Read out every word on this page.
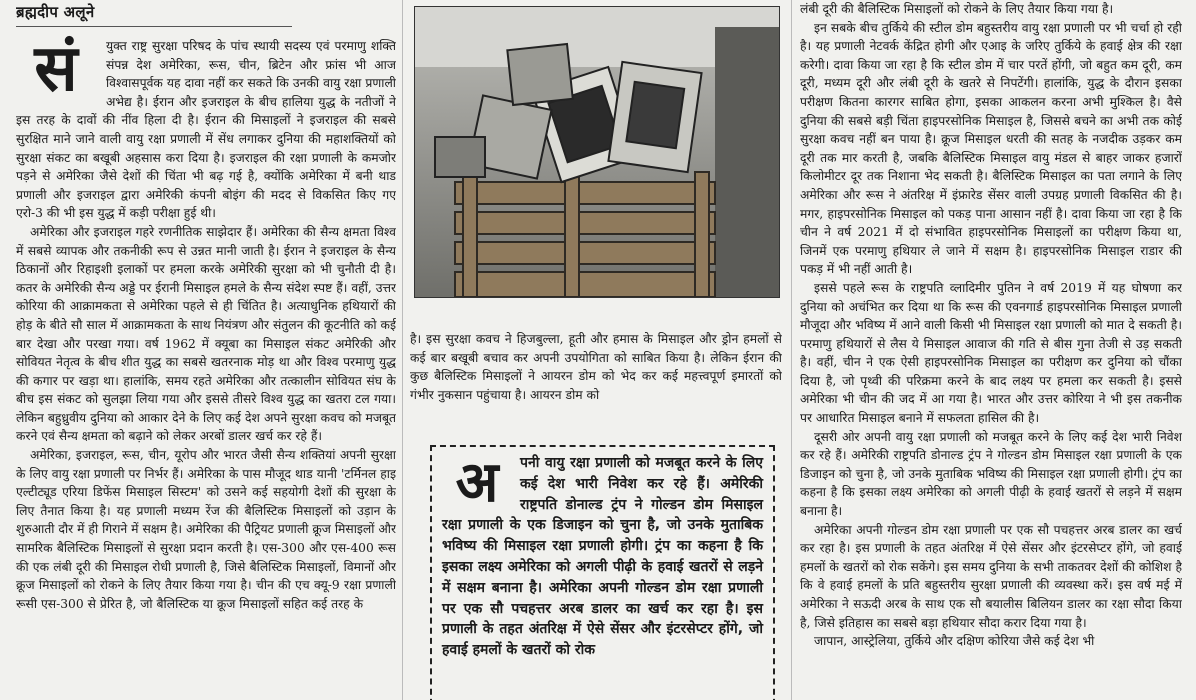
ब्रह्मदीप अलूने
सं	युक्त राष्ट्र सुरक्षा परिषद के पांच स्थायी सदस्य एवं परमाणु शक्ति संपन्न देश अमेरिका, रूस, चीन, ब्रिटेन और फ्रांस भी आज विश्वासपूर्वक यह दावा नहीं कर सकते कि उनकी वायु रक्षा प्रणाली अभेद्य है। ईरान और इजराइल के बीच हालिया युद्ध के नतीजों ने इस तरह के दावों की नींव हिला दी है। ईरान की मिसाइलों ने इजराइल की सबसे सुरक्षित माने जाने वाली वायु रक्षा प्रणाली में सेंध लगाकर दुनिया की महाशक्तियों को सुरक्षा संकट का बखूबी अहसास करा दिया है। इजराइल की रक्षा प्रणाली के कमजोर पड़ने से अमेरिका जैसे देशों की चिंता भी बढ़ गई है, क्योंकि अमेरिका में बनी थाड प्रणाली और इजराइल द्वारा अमेरिकी कंपनी बोइंग की मदद से विकसित किए गए एरो-3 की भी इस युद्ध में कड़ी परीक्षा हुई थी।

अमेरिका और इजराइल गहरे रणनीतिक साझेदार हैं। अमेरिका की सैन्य क्षमता विश्व में सबसे व्यापक और तकनीकी रूप से उन्नत मानी जाती है। ईरान ने इजराइल के सैन्य ठिकानों और रिहाइशी इलाकों पर हमला करके अमेरिकी सुरक्षा को भी चुनौती दी है। कतर के अमेरिकी सैन्य अड्डे पर ईरानी मिसाइल हमले के सैन्य संदेश स्पष्ट हैं। वहीं, उत्तर कोरिया की आक्रामकता से अमेरिका पहले से ही चिंतित है। अत्याधुनिक हथियारों की होड़ के बीते सौ साल में आक्रामकता के साथ नियंत्रण और संतुलन की कूटनीति को कई बार देखा और परखा गया। वर्ष 1962 में क्यूबा का मिसाइल संकट अमेरिकी और सोवियत नेतृत्व के बीच शीत युद्ध का सबसे खतरनाक मोड़ था और विश्व परमाणु युद्ध की कगार पर खड़ा था। हालांकि, समय रहते अमेरिका और तत्कालीन सोवियत संघ के बीच इस संकट को सुलझा लिया गया और इससे तीसरे विश्व युद्ध का खतरा टल गया। लेकिन बहुध्रुवीय दुनिया को आकार देने के लिए कई देश अपने सुरक्षा कवच को मजबूत करने एवं सैन्य क्षमता को बढ़ाने को लेकर अरबों डालर खर्च कर रहे हैं।

अमेरिका, इजराइल, रूस, चीन, यूरोप और भारत जैसी सैन्य शक्तियां अपनी सुरक्षा के लिए वायु रक्षा प्रणाली पर निर्भर हैं। अमेरिका के पास मौजूद थाड यानी 'टर्मिनल हाइ एल्टीट्यूड एरिया डिफेंस मिसाइल सिस्टम' को उसने कई सहयोगी देशों की सुरक्षा के लिए तैनात किया है। यह प्रणाली मध्यम रेंज की बैलिस्टिक मिसाइलों को उड़ान के शुरुआती दौर में ही गिराने में सक्षम है। अमेरिका की पैट्रियट प्रणाली क्रूज मिसाइलों और सामरिक बैलिस्टिक मिसाइलों से सुरक्षा प्रदान करती है। एस-300 और एस-400 रूस की एक लंबी दूरी की मिसाइल रोधी प्रणाली है, जिसे बैलिस्टिक मिसाइलों, विमानों और क्रूज मिसाइलों को रोकने के लिए तैयार किया गया है। चीन की एच क्यू-9 रक्षा प्रणाली रूसी एस-300 से प्रेरित है, जो बैलिस्टिक या क्रूज मिसाइलों सहित कई तरह के

है। इस सुरक्षा कवच ने हिजबुल्ला, हूती और हमास के मिसाइल और ड्रोन हमलों से कई बार बखूबी बचाव कर अपनी उपयोगिता को साबित किया है। लेकिन ईरान की कुछ बैलिस्टिक मिसाइलों ने आयरन डोम को भेद कर कई महत्त्वपूर्ण इमारतों को गंभीर नुकसान पहुंचाया है। आयरन डोम को

अ	पनी वायु रक्षा प्रणाली को मजबूत करने के लिए कई देश भारी निवेश कर रहे हैं। अमेरिकी राष्ट्रपति डोनाल्ड ट्रंप ने गोल्डन डोम मिसाइल रक्षा प्रणाली के एक डिजाइन को चुना है, जो उनके मुताबिक भविष्य की मिसाइल रक्षा प्रणाली होगी। ट्रंप का कहना है कि इसका लक्ष्य अमेरिका को अगली पीढ़ी के हवाई खतरों से लड़ने में सक्षम बनाना है। अमेरिका अपनी गोल्डन डोम रक्षा प्रणाली पर एक सौ पचहत्तर अरब डालर का खर्च कर रहा है। इस प्रणाली के तहत अंतरिक्ष में ऐसे सेंसर और इंटरसेप्टर होंगे, जो हवाई हमलों के खतरों को रोक

लंबी दूरी की बैलिस्टिक मिसाइलों को रोकने के लिए तैयार किया गया है।

इन सबके बीच तुर्किये की स्टील डोम बहुस्तरीय वायु रक्षा प्रणाली पर भी चर्चा हो रही है। यह प्रणाली नेटवर्क केंद्रित होगी और एआइ के जरिए तुर्किये के हवाई क्षेत्र की रक्षा करेगी। दावा किया जा रहा है कि स्टील डोम में चार परतें होंगी, जो बहुत कम दूरी, कम दूरी, मध्यम दूरी और लंबी दूरी के खतरे से निपटेंगी। हालांकि, युद्ध के दौरान इसका परीक्षण कितना कारगर साबित होगा, इसका आकलन करना अभी मुश्किल है। वैसे दुनिया की सबसे बड़ी चिंता हाइपरसोनिक मिसाइल है, जिससे बचने का अभी तक कोई सुरक्षा कवच नहीं बन पाया है। क्रूज मिसाइल धरती की सतह के नजदीक उड़कर कम दूरी तक मार करती है, जबकि बैलिस्टिक मिसाइल वायु मंडल से बाहर जाकर हजारों किलोमीटर दूर तक निशाना भेद सकती है। बैलिस्टिक मिसाइल का पता लगाने के लिए अमेरिका और रूस ने अंतरिक्ष में इंफ्रारेड सेंसर वाली उपग्रह प्रणाली विकसित की है। मगर, हाइपरसोनिक मिसाइल को पकड़ पाना आसान नहीं है। दावा किया जा रहा है कि चीन ने वर्ष 2021 में दो संभावित हाइपरसोनिक मिसाइलों का परीक्षण किया था, जिनमें एक परमाणु हथियार ले जाने में सक्षम है। हाइपरसोनिक मिसाइल राडार की पकड़ में भी नहीं आती है।

इससे पहले रूस के राष्ट्रपति व्लादिमीर पुतिन ने वर्ष 2019 में यह घोषणा कर दुनिया को अचंभित कर दिया था कि रूस की एवनगार्ड हाइपरसोनिक मिसाइल प्रणाली मौजूदा और भविष्य में आने वाली किसी भी मिसाइल रक्षा प्रणाली को मात दे सकती है। परमाणु हथियारों से लैस ये मिसाइल आवाज की गति से बीस गुना तेजी से उड़ सकती है। वहीं, चीन ने एक ऐसी हाइपरसोनिक मिसाइल का परीक्षण कर दुनिया को चौंका दिया है, जो पृथ्वी की परिक्रमा करने के बाद लक्ष्य पर हमला कर सकती है। इससे अमेरिका भी चीन की जद में आ गया है। भारत और उत्तर कोरिया ने भी इस तकनीक पर आधारित मिसाइल बनाने में सफलता हासिल की है।

दूसरी ओर अपनी वायु रक्षा प्रणाली को मजबूत करने के लिए कई देश भारी निवेश कर रहे हैं। अमेरिकी राष्ट्रपति डोनाल्ड ट्रंप ने गोल्डन डोम मिसाइल रक्षा प्रणाली के एक डिजाइन को चुना है, जो उनके मुताबिक भविष्य की मिसाइल रक्षा प्रणाली होगी। ट्रंप का कहना है कि इसका लक्ष्य अमेरिका को अगली पीढ़ी के हवाई खतरों से लड़ने में सक्षम बनाना है।

अमेरिका अपनी गोल्डन डोम रक्षा प्रणाली पर एक सौ पचहत्तर अरब डालर का खर्च कर रहा है। इस प्रणाली के तहत अंतरिक्ष में ऐसे सेंसर और इंटरसेप्टर होंगे, जो हवाई हमलों के खतरों को रोक सकेंगे। इस समय दुनिया के सभी ताकतवर देशों की कोशिश है कि वे हवाई हमलों के प्रति बहुस्तरीय सुरक्षा प्रणाली की व्यवस्था करें। इस वर्ष मई में अमेरिका ने सऊदी अरब के साथ एक सौ बयालीस बिलियन डालर का रक्षा सौदा किया है, जिसे इतिहास का सबसे बड़ा हथियार सौदा करार दिया गया है।

जापान, आस्ट्रेलिया, तुर्किये और दक्षिण कोरिया जैसे कई देश भी
